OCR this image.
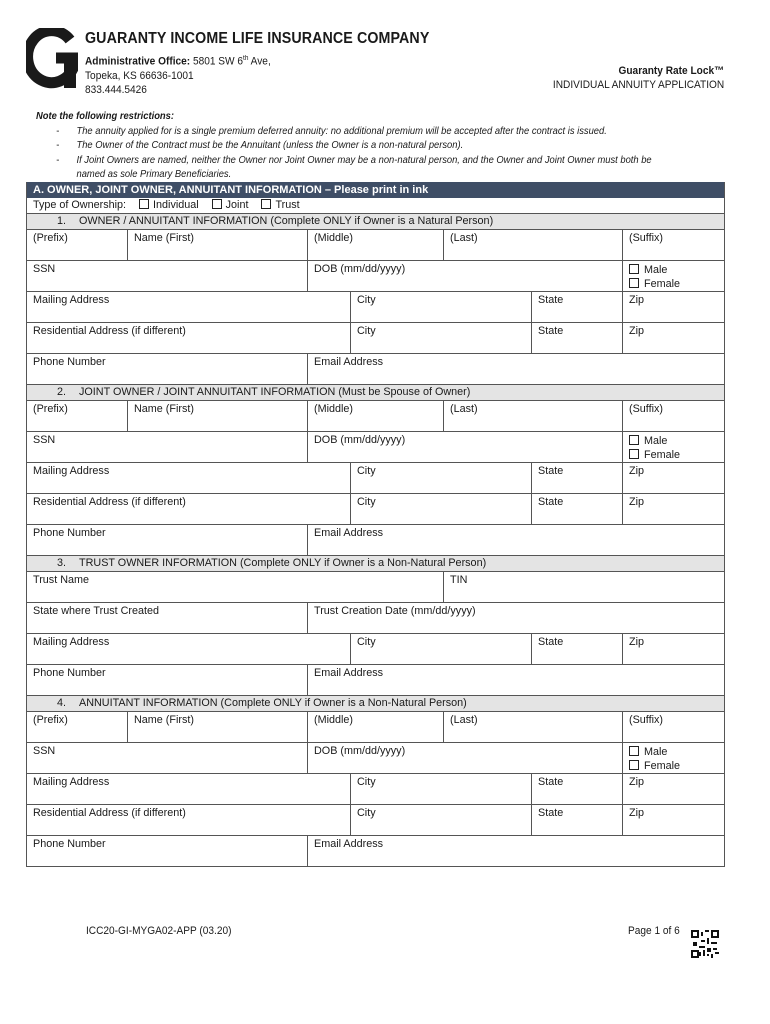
GUARANTY INCOME LIFE INSURANCE COMPANY
Administrative Office: 5801 SW 6th Ave,
Topeka, KS 66636-1001
833.444.5426
Guaranty Rate Lock™
INDIVIDUAL ANNUITY APPLICATION
Note the following restrictions:
- The annuity applied for is a single premium deferred annuity: no additional premium will be accepted after the contract is issued.
- The Owner of the Contract must be the Annuitant (unless the Owner is a non-natural person).
- If Joint Owners are named, neither the Owner nor Joint Owner may be a non-natural person, and the Owner and Joint Owner must both be
named as sole Primary Beneficiaries.
A. OWNER, JOINT OWNER, ANNUITANT INFORMATION – Please print in ink
Type of Ownership:	Individual	Joint	Trust
1. OWNER / ANNUITANT INFORMATION (Complete ONLY if Owner is a Natural Person)
(Prefix)	Name (First)	(Middle)	(Last)	(Suffix)
SSN	DOB (mm/dd/yyyy)	Male
Female
Mailing Address	City	State	Zip
Residential Address (if different)	City	State	Zip
Phone Number	Email Address
2. JOINT OWNER / JOINT ANNUITANT INFORMATION (Must be Spouse of Owner)
(Prefix)	Name (First)	(Middle)	(Last)	(Suffix)
SSN	DOB (mm/dd/yyyy)	Male
Female
Mailing Address	City	State	Zip
Residential Address (if different)	City	State	Zip
Phone Number	Email Address
3. TRUST OWNER INFORMATION (Complete ONLY if Owner is a Non-Natural Person)
Trust Name	TIN
State where Trust Created	Trust Creation Date (mm/dd/yyyy)
Mailing Address	City	State	Zip
Phone Number	Email Address
4. ANNUITANT INFORMATION (Complete ONLY if Owner is a Non-Natural Person)
(Prefix)	Name (First)	(Middle)	(Last)	(Suffix)
SSN	DOB (mm/dd/yyyy)	Male
Female
Mailing Address	City	State	Zip
Residential Address (if different)	City	State	Zip
Phone Number	Email Address
ICC20-GI-MYGA02-APP (03.20)	Page 1 of 6
